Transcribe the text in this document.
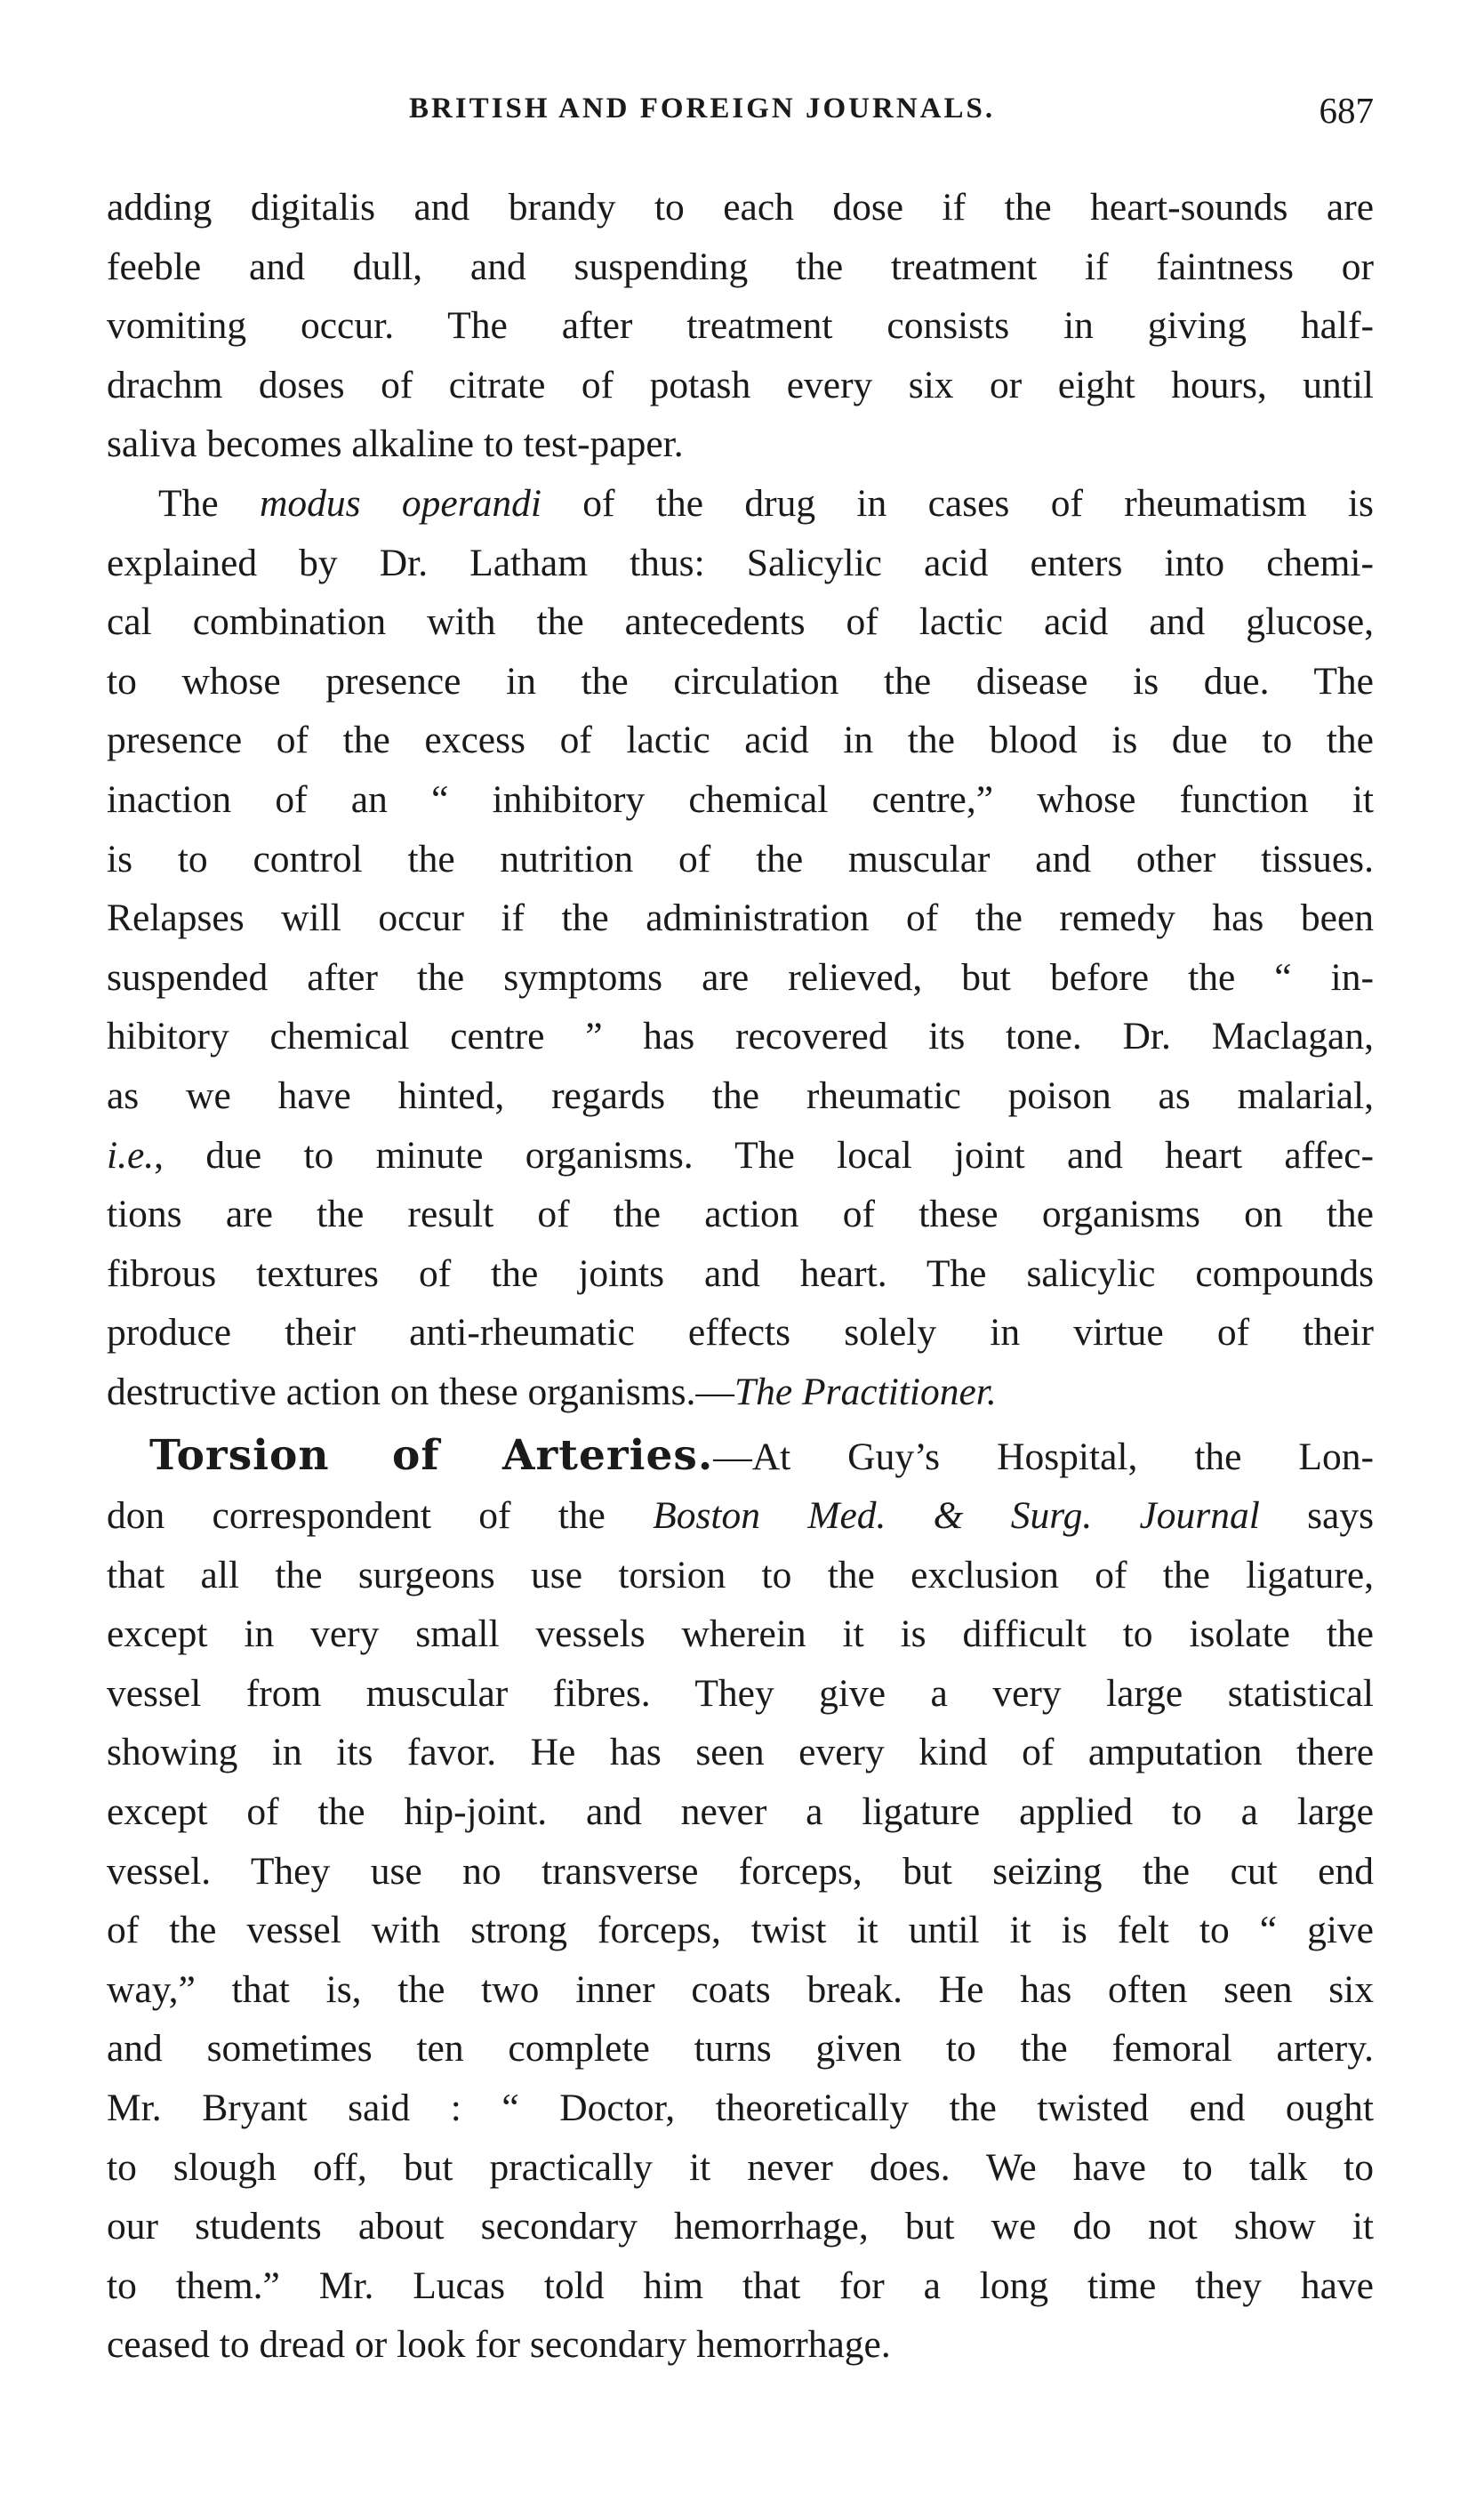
BRITISH AND FOREIGN JOURNALS.	687
adding digitalis and brandy to each dose if the heart-sounds are
feeble and dull, and suspending the treatment if faintness or
vomiting occur. The after treatment consists in giving half-
drachm doses of citrate of potash every six or eight hours, until
saliva becomes alkaline to test-paper.
The modus operandi of the drug in cases of rheumatism is
explained by Dr. Latham thus: Salicylic acid enters into chemi-
cal combination with the antecedents of lactic acid and glucose,
to whose presence in the circulation the disease is due. The
presence of the excess of lactic acid in the blood is due to the
inaction of an “ inhibitory chemical centre,” whose function it
is to control the nutrition of the muscular and other tissues.
Relapses will occur if the administration of the remedy has been
suspended after the symptoms are relieved, but before the “ in-
hibitory chemical centre ” has recovered its tone. Dr. Maclagan,
as we have hinted, regards the rheumatic poison as malarial,
i.e., due to minute organisms. The local joint and heart affec-
tions are the result of the action of these organisms on the
fibrous textures of the joints and heart. The salicylic compounds
produce their anti-rheumatic effects solely in virtue of their
destructive action on these organisms.—The Practitioner.
Torsion of Arteries.—At Guy’s Hospital, the Lon-
don correspondent of the Boston Med. & Surg. Journal says
that all the surgeons use torsion to the exclusion of the ligature,
except in very small vessels wherein it is difficult to isolate the
vessel from muscular fibres. They give a very large statistical
showing in its favor. He has seen every kind of amputation there
except of the hip-joint. and never a ligature applied to a large
vessel. They use no transverse forceps, but seizing the cut end
of the vessel with strong forceps, twist it until it is felt to “ give
way,” that is, the two inner coats break. He has often seen six
and sometimes ten complete turns given to the femoral artery.
Mr. Bryant said : “ Doctor, theoretically the twisted end ought
to slough off, but practically it never does. We have to talk to
our students about secondary hemorrhage, but we do not show it
to them.” Mr. Lucas told him that for a long time they have
ceased to dread or look for secondary hemorrhage.
